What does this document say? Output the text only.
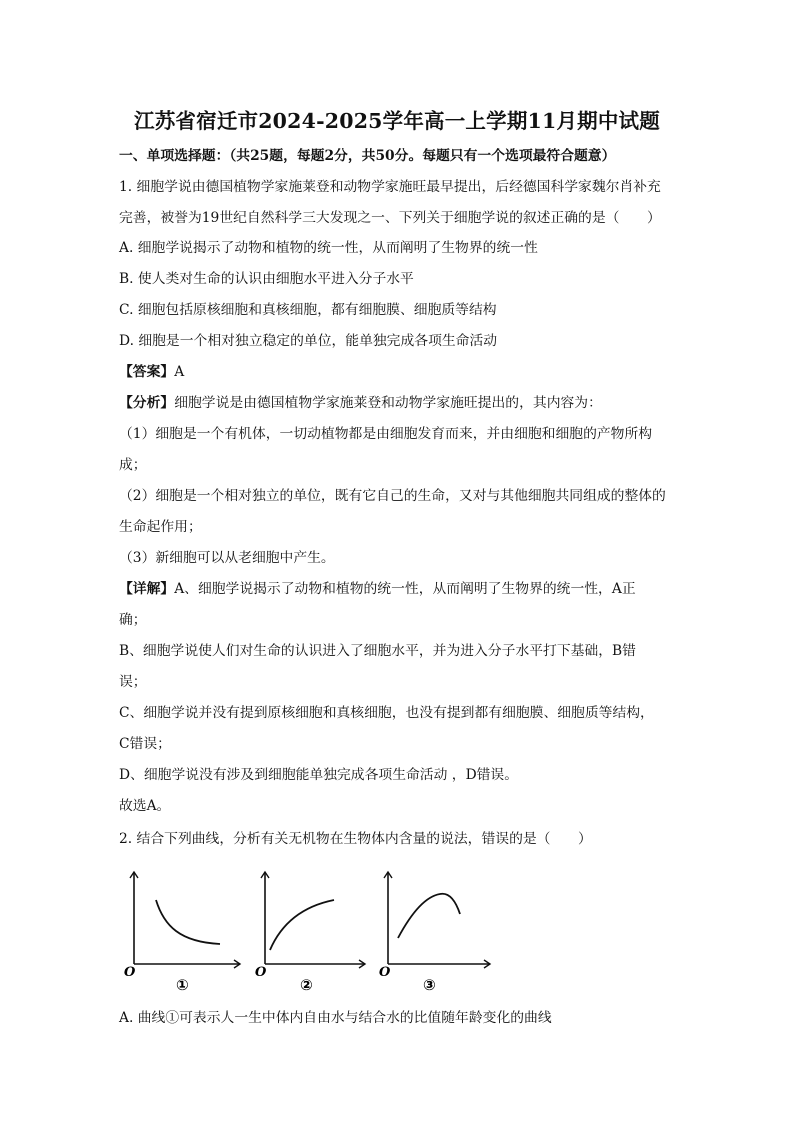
江苏省宿迁市2024-2025学年高一上学期11月期中试题
一、单项选择题：（共25题，每题2分，共50分。每题只有一个选项最符合题意）
1. 细胞学说由德国植物学家施莱登和动物学家施旺最早提出，后经德国科学家魏尔肖补充
完善，被誉为19世纪自然科学三大发现之一、下列关于细胞学说的叙述正确的是（　　）
A. 细胞学说揭示了动物和植物的统一性，从而阐明了生物界的统一性
B. 使人类对生命的认识由细胞水平进入分子水平
C. 细胞包括原核细胞和真核细胞，都有细胞膜、细胞质等结构
D. 细胞是一个相对独立稳定的单位，能单独完成各项生命活动
【答案】A
【分析】细胞学说是由德国植物学家施莱登和动物学家施旺提出的，其内容为：
（1）细胞是一个有机体，一切动植物都是由细胞发育而来，并由细胞和细胞的产物所构
成；
（2）细胞是一个相对独立的单位，既有它自己的生命，又对与其他细胞共同组成的整体的
生命起作用；
（3）新细胞可以从老细胞中产生。
【详解】A、细胞学说揭示了动物和植物的统一性，从而阐明了生物界的统一性，A正
确；
B、细胞学说使人们对生命的认识进入了细胞水平，并为进入分子水平打下基础，B错
误；
C、细胞学说并没有提到原核细胞和真核细胞，也没有提到都有细胞膜、细胞质等结构，
C错误；
D、细胞学说没有涉及到细胞能单独完成各项生命活动 ，D错误。
故选A。
2. 结合下列曲线，分析有关无机物在生物体内含量的说法，错误的是（　　）
O
①
O
②
O
③
A. 曲线①可表示人一生中体内自由水与结合水的比值随年龄变化的曲线
